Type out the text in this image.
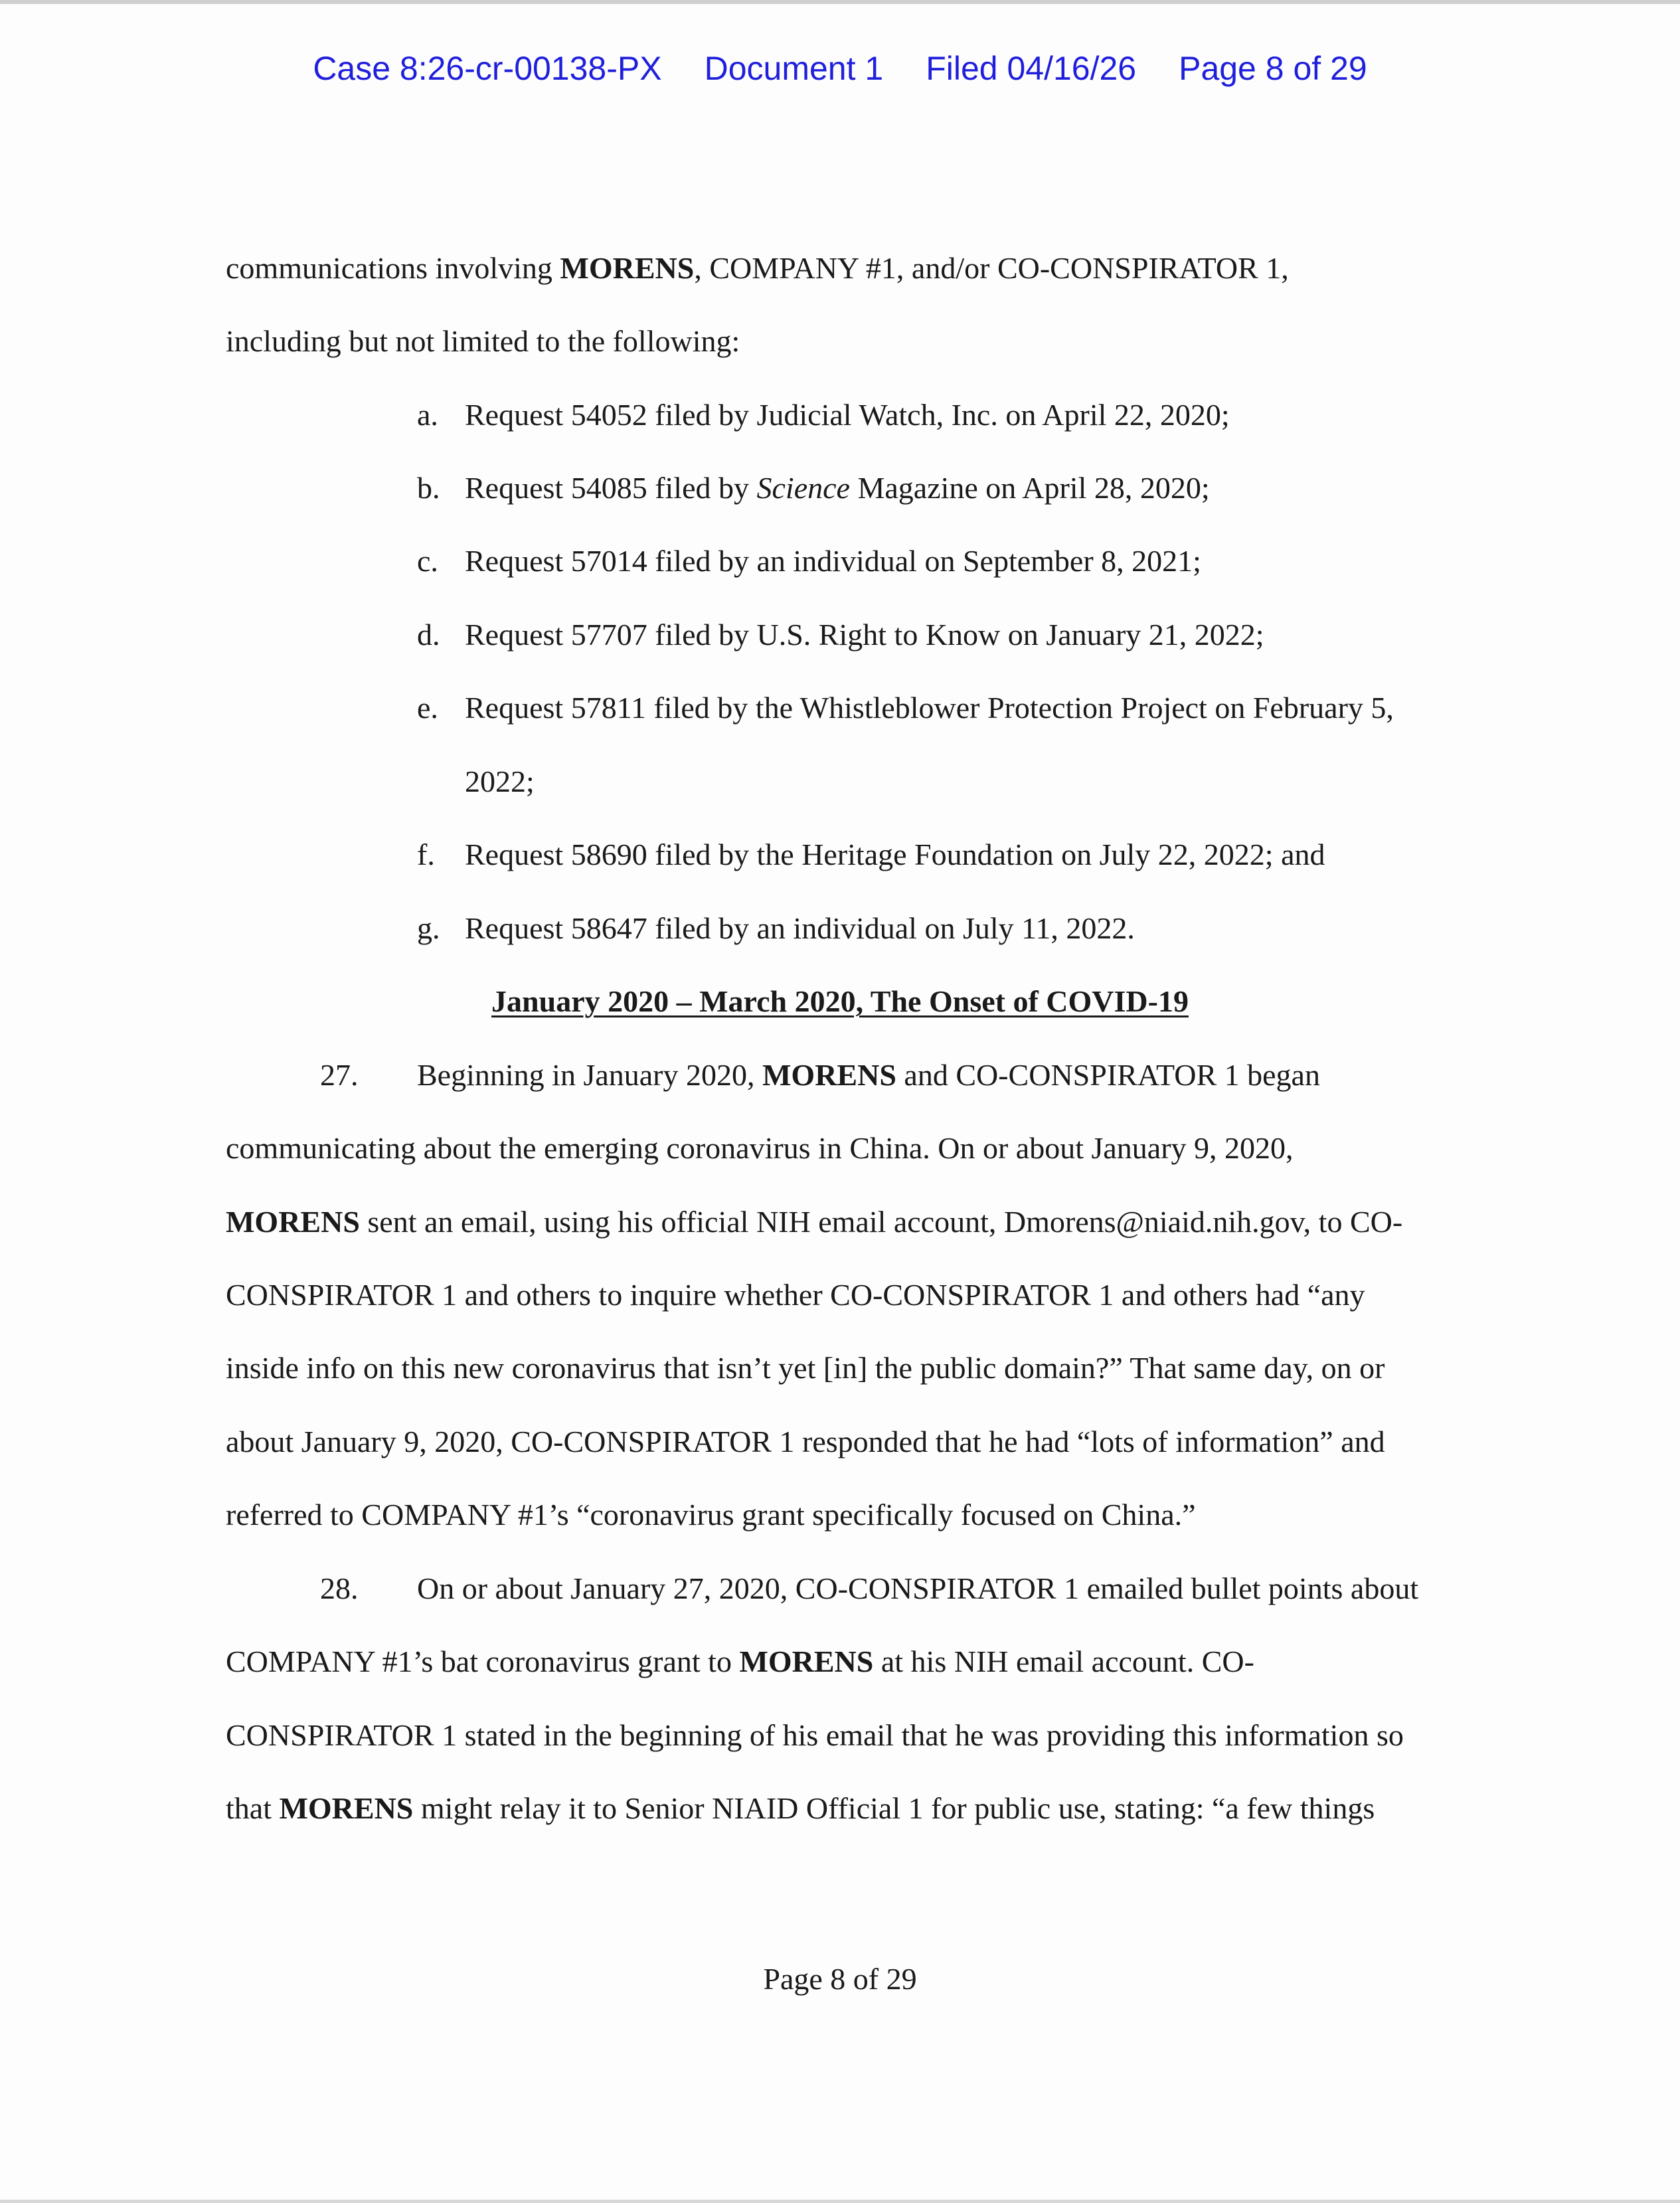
Case 8:26-cr-00138-PX Document 1 Filed 04/16/26 Page 8 of 29
communications involving MORENS, COMPANY #1, and/or CO-CONSPIRATOR 1,
including but not limited to the following:
a. Request 54052 filed by Judicial Watch, Inc. on April 22, 2020;
b. Request 54085 filed by Science Magazine on April 28, 2020;
c. Request 57014 filed by an individual on September 8, 2021;
d. Request 57707 filed by U.S. Right to Know on January 21, 2022;
e. Request 57811 filed by the Whistleblower Protection Project on February 5,
2022;
f. Request 58690 filed by the Heritage Foundation on July 22, 2022; and
g. Request 58647 filed by an individual on July 11, 2022.
January 2020 – March 2020, The Onset of COVID-19
27. Beginning in January 2020, MORENS and CO-CONSPIRATOR 1 began
communicating about the emerging coronavirus in China. On or about January 9, 2020,
MORENS sent an email, using his official NIH email account, Dmorens@niaid.nih.gov, to CO-
CONSPIRATOR 1 and others to inquire whether CO-CONSPIRATOR 1 and others had “any
inside info on this new coronavirus that isn’t yet [in] the public domain?” That same day, on or
about January 9, 2020, CO-CONSPIRATOR 1 responded that he had “lots of information” and
referred to COMPANY #1’s “coronavirus grant specifically focused on China.”
28. On or about January 27, 2020, CO-CONSPIRATOR 1 emailed bullet points about
COMPANY #1’s bat coronavirus grant to MORENS at his NIH email account. CO-
CONSPIRATOR 1 stated in the beginning of his email that he was providing this information so
that MORENS might relay it to Senior NIAID Official 1 for public use, stating: “a few things
Page 8 of 29
